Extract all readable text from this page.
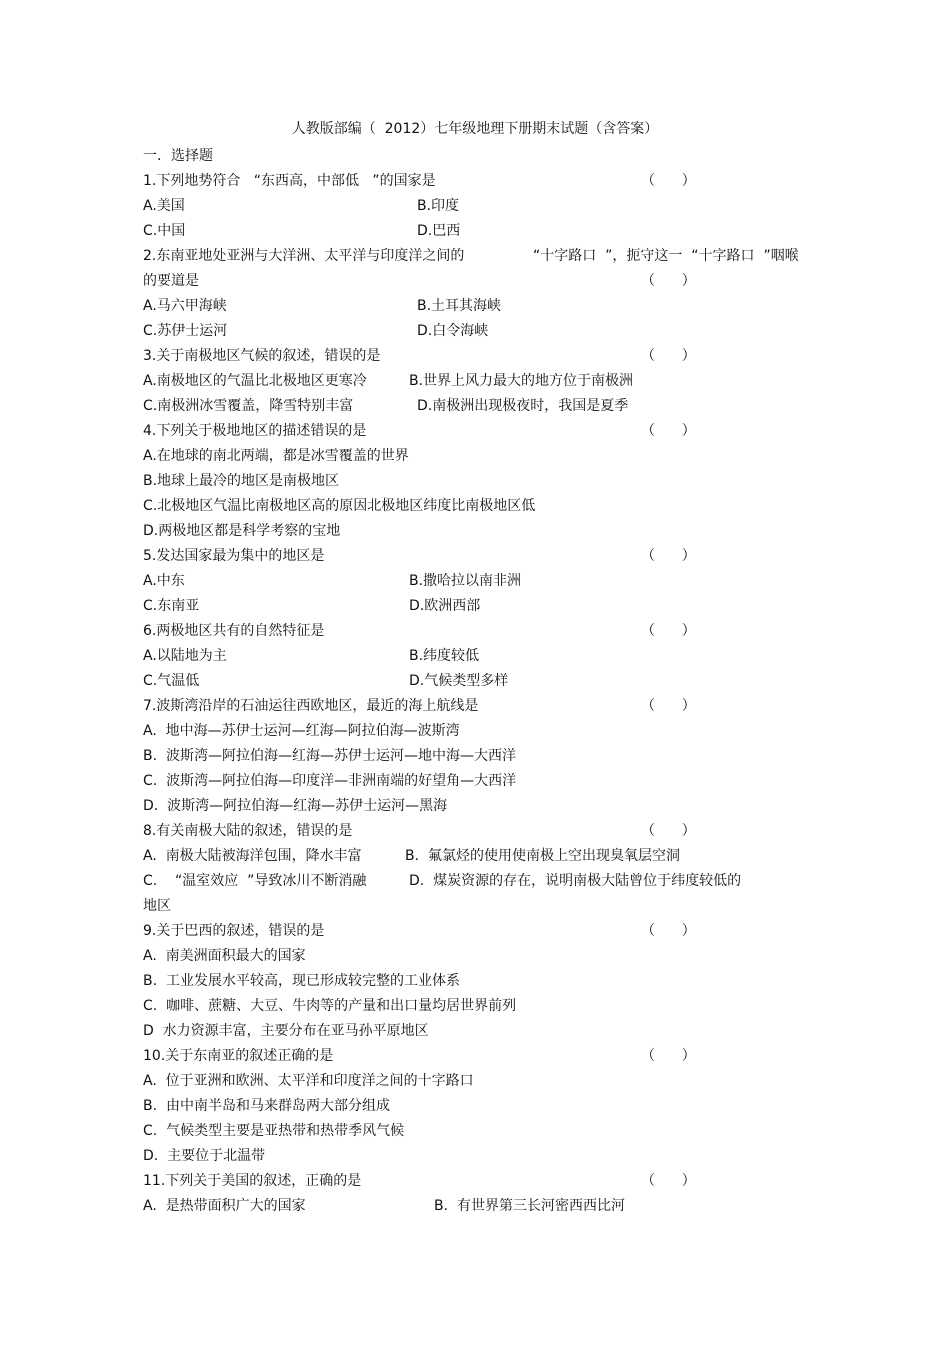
人教版部编（  2012）七年级地理下册期末试题（含答案）

一．选择题

1.下列地势符合   “东西高，中部低   ”的国家是

	（      ）

A.美国

	B.印度

C.中国

	D.巴西

2.东南亚地处亚洲与大洋洲、太平洋与印度洋之间的

	“十字路口  ”，扼守这一  “十字路口  ”咽喉

的要道是

	（      ）

A.马六甲海峡

	B.土耳其海峡

C.苏伊士运河

	D.白令海峡

3.关于南极地区气候的叙述，错误的是

	（      ）

A.南极地区的气温比北极地区更寒冷

	B.世界上风力最大的地方位于南极洲

C.南极洲冰雪覆盖，降雪特别丰富

	D.南极洲出现极夜时，我国是夏季

4.下列关于极地地区的描述错误的是

	（      ）

A.在地球的南北两端，都是冰雪覆盖的世界

B.地球上最冷的地区是南极地区

C.北极地区气温比南极地区高的原因北极地区纬度比南极地区低

D.两极地区都是科学考察的宝地

5.发达国家最为集中的地区是

	（      ）

A.中东

	B.撒哈拉以南非洲

C.东南亚

	D.欧洲西部

6.两极地区共有的自然特征是

	（      ）

A.以陆地为主

	B.纬度较低

C.气温低

	D.气候类型多样

7.波斯湾沿岸的石油运往西欧地区，最近的海上航线是

	（      ）

A.  地中海—苏伊士运河—红海—阿拉伯海—波斯湾

B.  波斯湾—阿拉伯海—红海—苏伊士运河—地中海—大西洋

C.  波斯湾—阿拉伯海—印度洋—非洲南端的好望角—大西洋

D.  波斯湾—阿拉伯海—红海—苏伊士运河—黑海

8.有关南极大陆的叙述，错误的是

	（      ）

A.  南极大陆被海洋包围，降水丰富

	B.  氟氯烃的使用使南极上空出现臭氧层空洞

C.    “温室效应  ”导致冰川不断消融

	D.  煤炭资源的存在，说明南极大陆曾位于纬度较低的

地区

9.关于巴西的叙述，错误的是

	（      ）

A.  南美洲面积最大的国家

B.  工业发展水平较高，现已形成较完整的工业体系

C.  咖啡、蔗糖、大豆、牛肉等的产量和出口量均居世界前列

D  水力资源丰富，主要分布在亚马孙平原地区

10.关于东南亚的叙述正确的是

	（      ）

A.  位于亚洲和欧洲、太平洋和印度洋之间的十字路口

B.  由中南半岛和马来群岛两大部分组成

C.  气候类型主要是亚热带和热带季风气候

D.  主要位于北温带

11.下列关于美国的叙述，正确的是

	（      ）

A.  是热带面积广大的国家

	B.  有世界第三长河密西西比河
